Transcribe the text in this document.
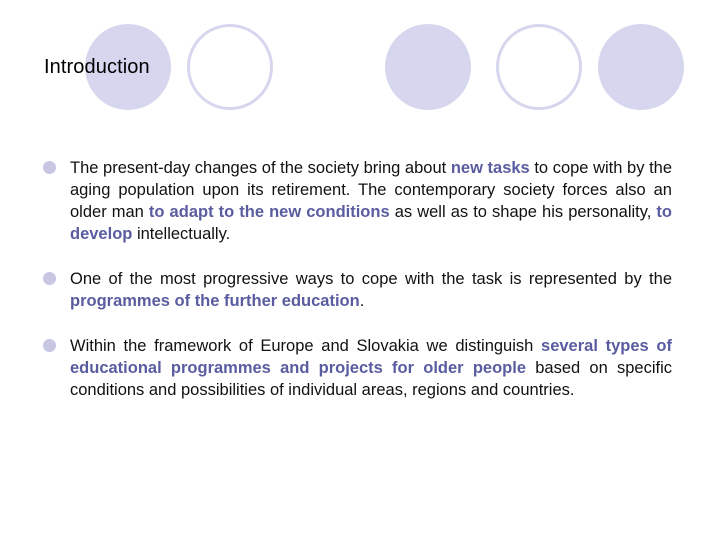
Introduction
The present-day changes of the society bring about new tasks to cope with by the aging population upon its retirement. The contemporary society forces also an older man to adapt to the new conditions as well as to shape his personality, to develop intellectually.
One of the most progressive ways to cope with the task is represented by the programmes of the further education.
Within the framework of Europe and Slovakia we distinguish several types of educational programmes and projects for older people based on specific conditions and possibilities of individual areas, regions and countries.
